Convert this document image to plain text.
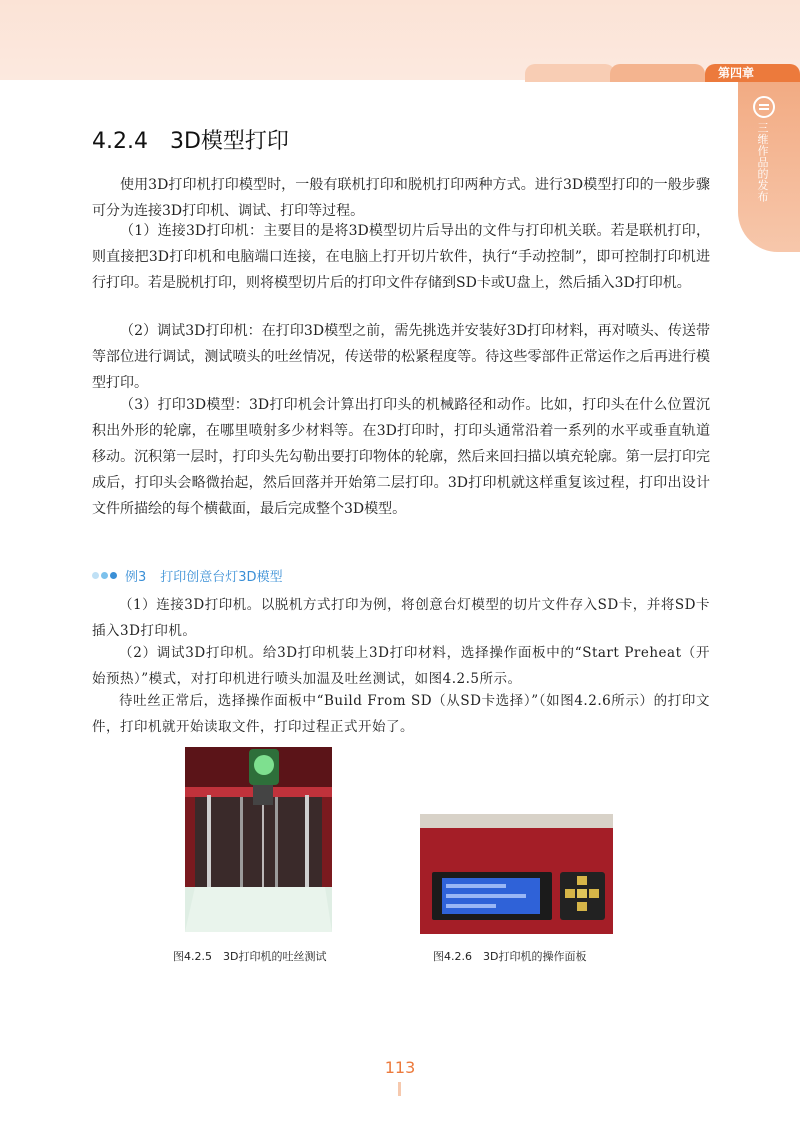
第四章
三维作品的发布
4.2.4　3D模型打印

使用3D打印机打印模型时，一般有联机打印和脱机打印两种方式。进行3D模型打印的一般步骤可分为连接3D打印机、调试、打印等过程。

（1）连接3D打印机：主要目的是将3D模型切片后导出的文件与打印机关联。若是联机打印，则直接把3D打印机和电脑端口连接，在电脑上打开切片软件，执行“手动控制”，即可控制打印机进行打印。若是脱机打印，则将模型切片后的打印文件存储到SD卡或U盘上，然后插入3D打印机。

（2）调试3D打印机：在打印3D模型之前，需先挑选并安装好3D打印材料，再对喷头、传送带等部位进行调试，测试喷头的吐丝情况，传送带的松紧程度等。待这些零部件正常运作之后再进行模型打印。

（3）打印3D模型：3D打印机会计算出打印头的机械路径和动作。比如，打印头在什么位置沉积出外形的轮廓，在哪里喷射多少材料等。在3D打印时，打印头通常沿着一系列的水平或垂直轨道移动。沉积第一层时，打印头先勾勒出要打印物体的轮廓，然后来回扫描以填充轮廓。第一层打印完成后，打印头会略微抬起，然后回落并开始第二层打印。3D打印机就这样重复该过程，打印出设计文件所描绘的每个横截面，最后完成整个3D模型。

例3 打印创意台灯3D模型

（1）连接3D打印机。以脱机方式打印为例，将创意台灯模型的切片文件存入SD卡，并将SD卡插入3D打印机。

（2）调试3D打印机。给3D打印机装上3D打印材料，选择操作面板中的“Start Preheat（开始预热）”模式，对打印机进行喷头加温及吐丝测试，如图4.2.5所示。

待吐丝正常后，选择操作面板中“Build From SD（从SD卡选择）”（如图4.2.6所示）的打印文件，打印机就开始读取文件，打印过程正式开始了。

图4.2.5　3D打印机的吐丝测试	图4.2.6　3D打印机的操作面板
113
